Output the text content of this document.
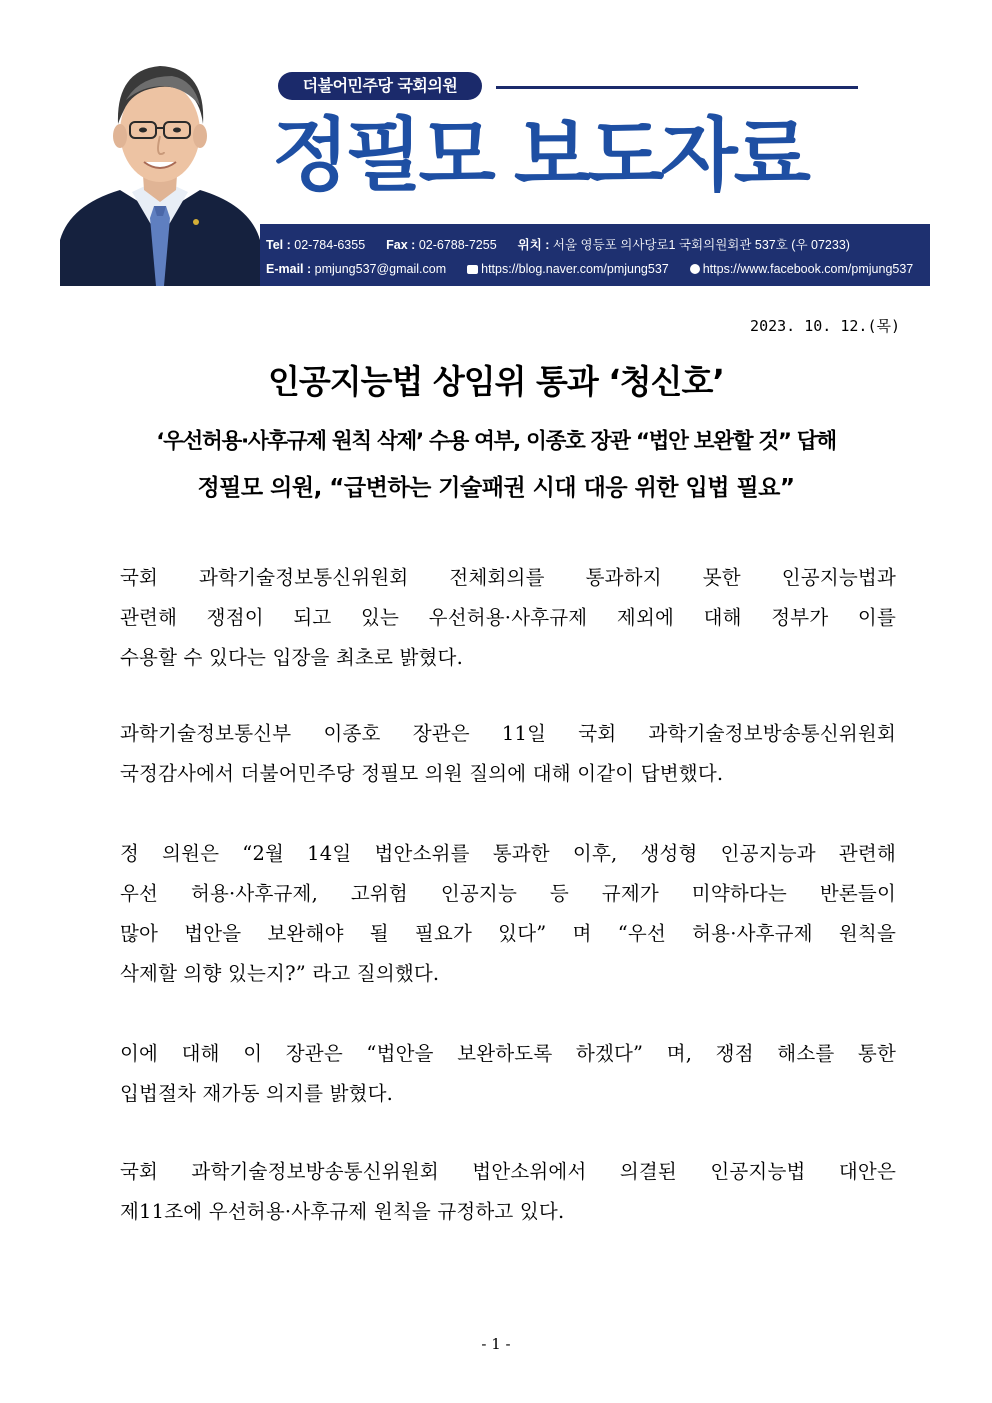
더불어민주당 국회의원
정필모 보도자료
Tel : 02-784-6355 Fax : 02-6788-7255 위치 : 서울 영등포 의사당로1 국회의원회관 537호 (우 07233)
E-mail : pmjung537@gmail.com	https://blog.naver.com/pmjung537	https://www.facebook.com/pmjung537
2023. 10. 12.(목)
인공지능법 상임위 통과 ‘청신호’
‘우선허용·사후규제 원칙 삭제’ 수용 여부, 이종호 장관 “법안 보완할 것” 답해
정필모 의원, “급변하는 기술패권 시대 대응 위한 입법 필요”
국회 과학기술정보통신위원회 전체회의를 통과하지 못한 인공지능법과
관련해 쟁점이 되고 있는 우선허용·사후규제 제외에 대해 정부가 이를
수용할 수 있다는 입장을 최초로 밝혔다.
과학기술정보통신부 이종호 장관은 11일 국회 과학기술정보방송통신위원회
국정감사에서 더불어민주당 정필모 의원 질의에 대해 이같이 답변했다.
정 의원은 “2월 14일 법안소위를 통과한 이후, 생성형 인공지능과 관련해
우선 허용·사후규제, 고위험 인공지능 등 규제가 미약하다는 반론들이
많아 법안을 보완해야 될 필요가 있다” 며 “우선 허용·사후규제 원칙을
삭제할 의향 있는지?” 라고 질의했다.
이에 대해 이 장관은 “법안을 보완하도록 하겠다” 며, 쟁점 해소를 통한
입법절차 재가동 의지를 밝혔다.
국회 과학기술정보방송통신위원회 법안소위에서 의결된 인공지능법 대안은
제11조에 우선허용·사후규제 원칙을 규정하고 있다.
- 1 -
